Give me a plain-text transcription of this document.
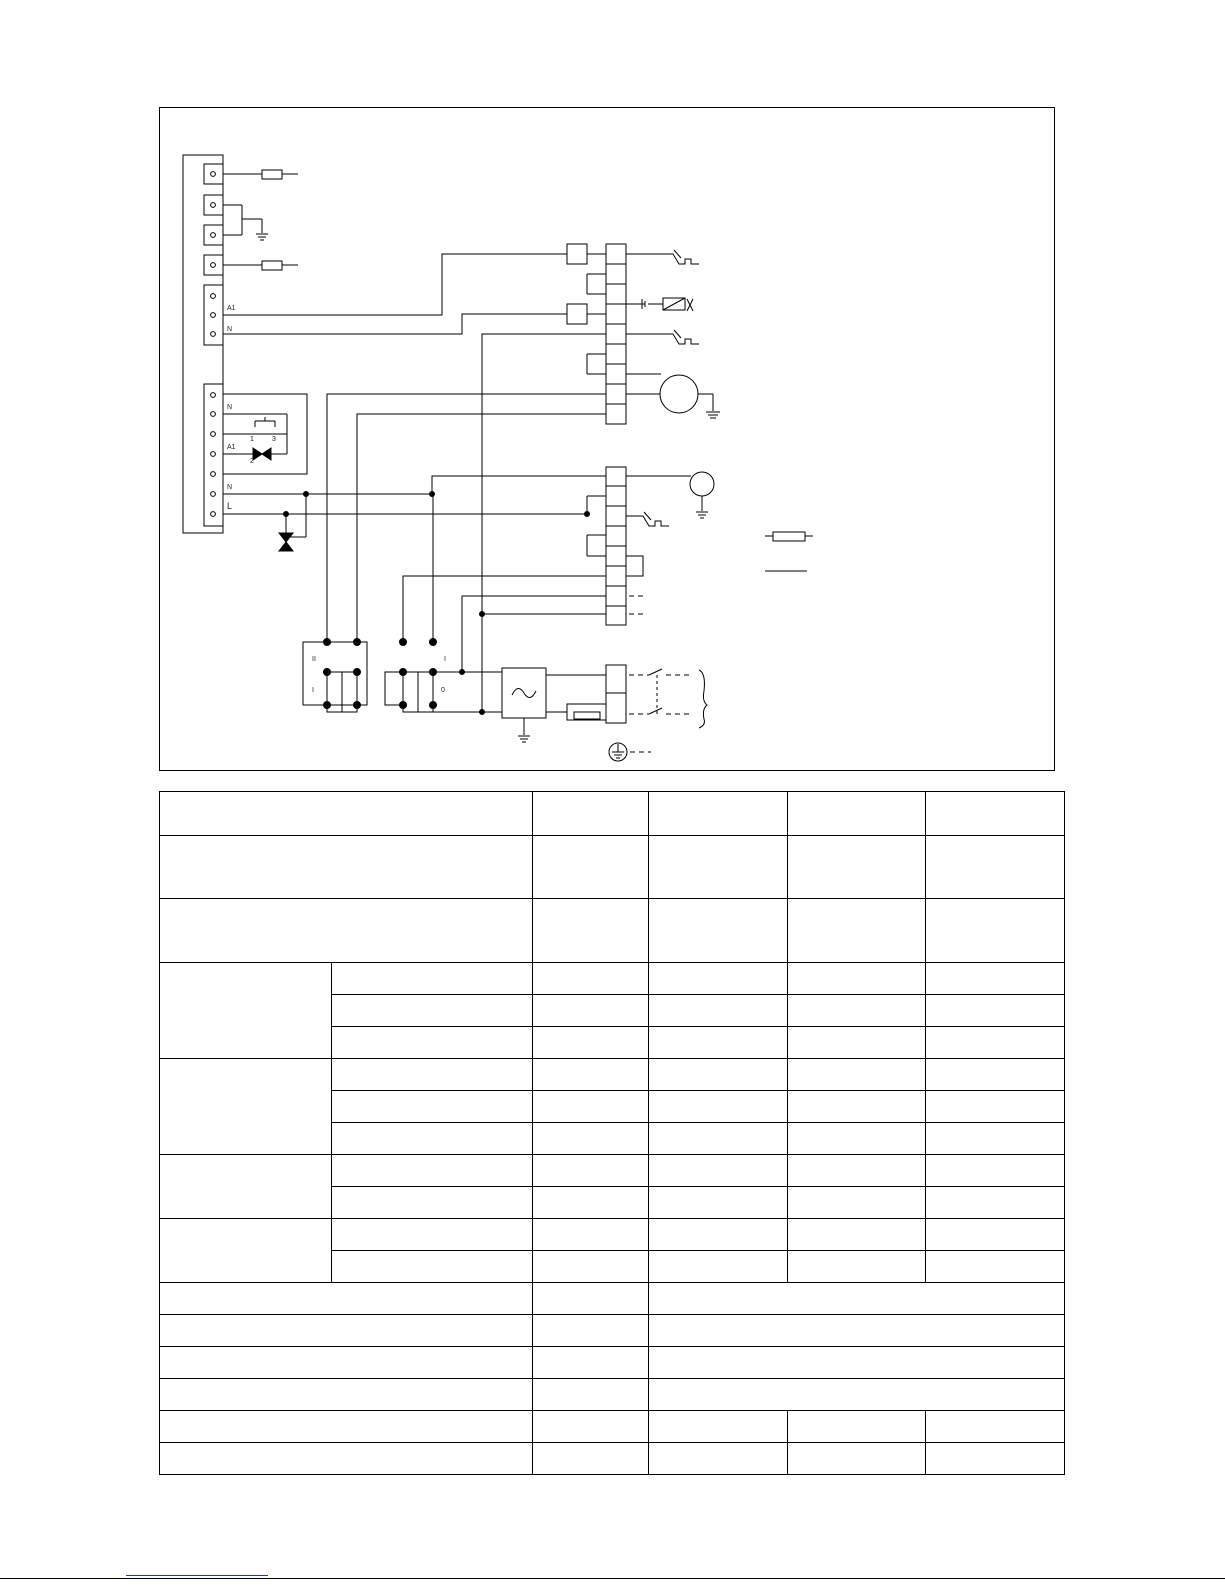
A1
N
N
A1
N
L
1
2
3
II
I
I
0
